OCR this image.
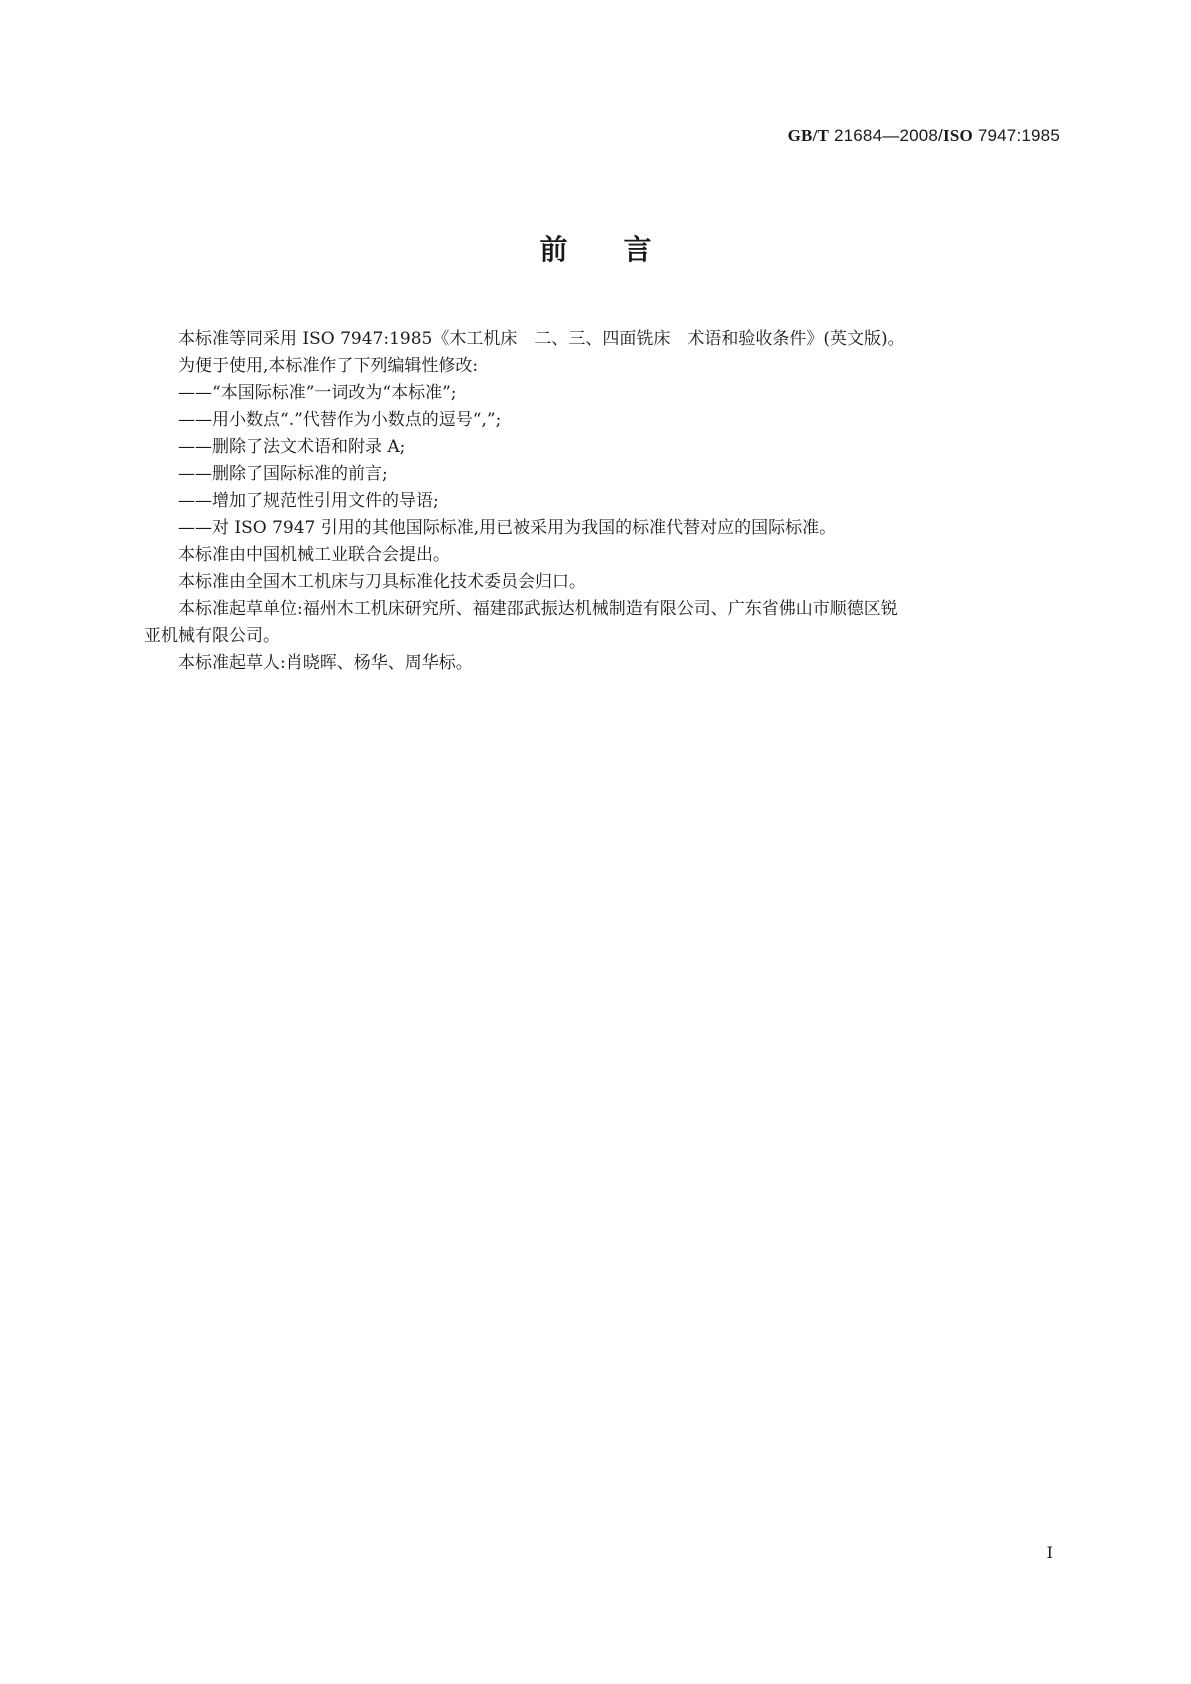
GB/T 21684—2008/ISO 7947:1985
前言

本标准等同采用 ISO 7947:1985《木工机床　二、三、四面铣床　术语和验收条件》(英文版)。

为便于使用,本标准作了下列编辑性修改:

——“本国际标准”一词改为“本标准”;

——用小数点“.”代替作为小数点的逗号“,”;

——删除了法文术语和附录 A;

——删除了国际标准的前言;

——增加了规范性引用文件的导语;

——对 ISO 7947 引用的其他国际标准,用已被采用为我国的标准代替对应的国际标准。

本标准由中国机械工业联合会提出。

本标准由全国木工机床与刀具标准化技术委员会归口。

本标准起草单位:福州木工机床研究所、福建邵武振达机械制造有限公司、广东省佛山市顺德区锐
亚机械有限公司。

本标准起草人:肖晓晖、杨华、周华标。

I
